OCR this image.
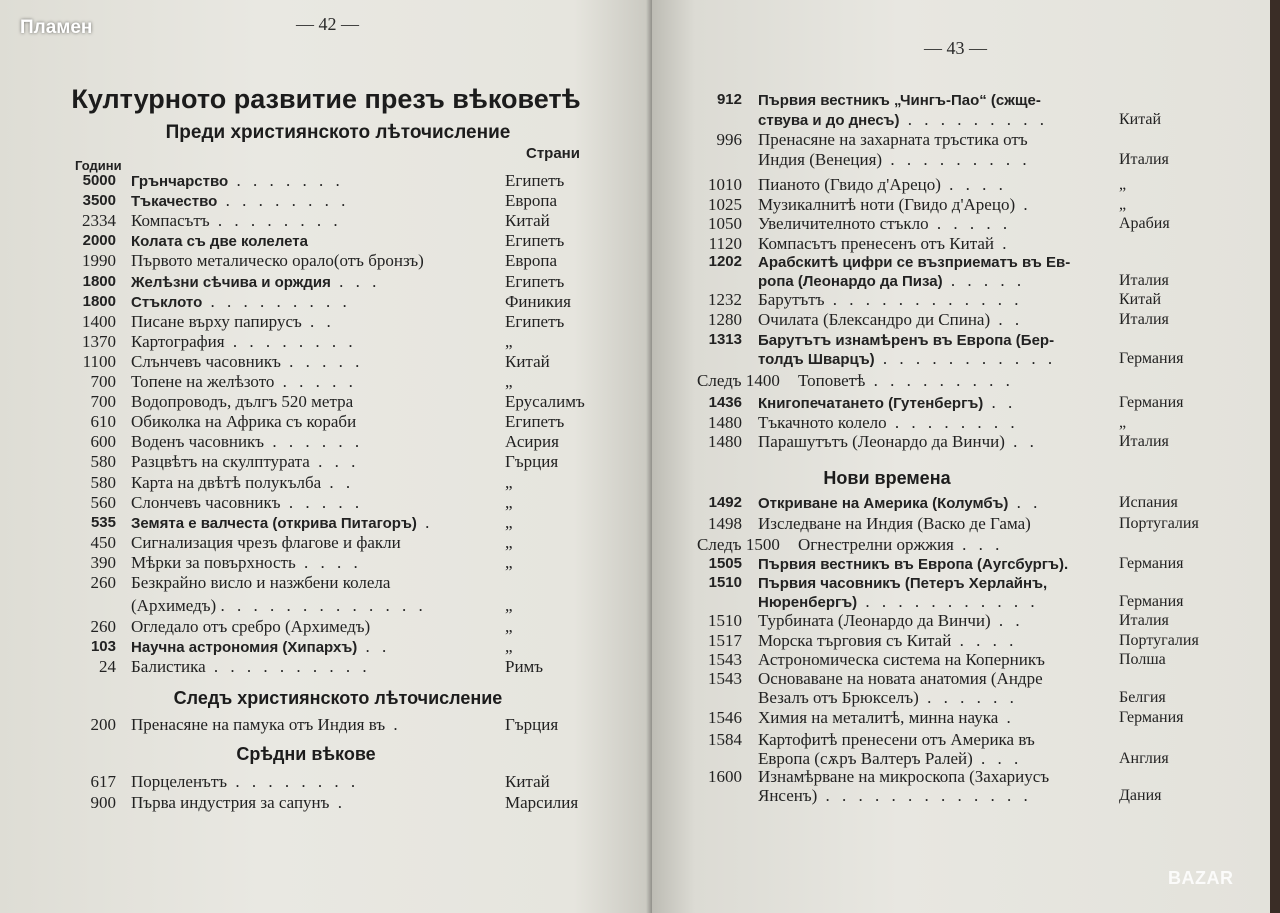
— 42 —
Културното развитие презъ вѣковетѣ
Преди християнското лѣточисление
Години
Страни
5000 Грънчарство . . . . . . .	Египетъ
3500 Тъкачество . . . . . . . .	Европа
2334 Компасътъ . . . . . . . .	Китай
2000 Колата съ две колелета	Египетъ
1990 Първото металическо орало(отъ бронзъ)	Европа
1800 Желѣзни сѣчива и орждия . . .	Египетъ
1800 Стъклото . . . . . . . . .	Финикия
1400 Писане върху папирусъ . .	Египетъ
1370 Картография . . . . . . . .	„
1100 Слънчевъ часовникъ . . . . .	Китай
700 Топене на желѣзото . . . . .	„
700 Водопроводъ, дългъ 520 метра	Ерусалимъ
610 Обиколка на Африка съ кораби	Египетъ
600 Воденъ часовникъ . . . . . .	Асирия
580 Разцвѣтъ на скулптурата . . .	Гърция
580 Карта на двѣтѣ полукълба . .	„
560 Слончевъ часовникъ . . . . .	„
535 Земята е валчеста (открива Питагоръ) .	„
450 Сигнализация чрезъ флагове и факли	„
390 Мѣрки за повърхность . . . .	„
260 Безкрайно висло и назжбени колела
(Архимедъ) . . . . . . . . . . . . .	„
260 Огледало отъ сребро (Архимедъ)	„
103 Научна астрономия (Хипархъ) . .	„
24 Балистика . . . . . . . . . .	Римъ
Следъ християнското лѣточисление
200 Пренасяне на памука отъ Индия въ .	Гърция
Срѣдни вѣкове
617 Порцеленътъ . . . . . . . .	Китай
900 Първа индустрия за сапунъ .	Марсилия
— 43 —
912 Първия вестникъ „Чингъ-Пао“ (сжще-
ствува и до днесъ) . . . . . . . . .	Китай
996 Пренасяне на захарната тръстика отъ
Индия (Венеция) . . . . . . . . .	Италия
1010 Пианото (Гвидо д'Арецо) . . . .	„
1025 Музикалнитѣ ноти (Гвидо д'Арецо) .	„
1050 Увеличителното стъкло . . . . .	Арабия
1120 Компасътъ пренесенъ отъ Китай .
1202 Арабскитѣ цифри се възприематъ въ Ев-
ропа (Леонардо да Пиза) . . . . .	Италия
1232 Барутътъ . . . . . . . . . . . .	Китай
1280 Очилата (Блександро ди Спина) . .	Италия
1313 Барутътъ изнамѣренъ въ Европа (Бер-
толдъ Шварцъ) . . . . . . . . . . .	Германия
Следъ 1400 Топоветѣ . . . . . . . . .
1436 Книгопечатането (Гутенбергъ) . .	Германия
1480 Тъкачното колело . . . . . . . .	„
1480 Парашутътъ (Леонардо да Винчи) . .	Италия
Нови времена
1492 Откриване на Америка (Колумбъ) . .	Испания
1498 Изследване на Индия (Васко де Гама)	Португалия
Следъ 1500 Огнестрелни оржжия . . .
1505 Първия вестникъ въ Европа (Аугсбургъ).	Германия
1510 Първия часовникъ (Петеръ Херлайнъ,
Нюренбергъ) . . . . . . . . . . .	Германия
1510 Турбината (Леонардо да Винчи) . .	Италия
1517 Морска търговия съ Китай . . . .	Португалия
1543 Астрономическа система на Коперникъ	Полша
1543 Основаване на новата анатомия (Андре
Везалъ отъ Брюкселъ) . . . . . .	Белгия
1546 Химия на металитѣ, минна наука .	Германия
1584 Картофитѣ пренесени отъ Америка въ
Европа (сѫръ Валтеръ Ралей) . . .	Англия
1600 Изнамѣрване на микроскопа (Захариусъ
Янсенъ) . . . . . . . . . . . . .	Дания
Пламен
BAZAR
